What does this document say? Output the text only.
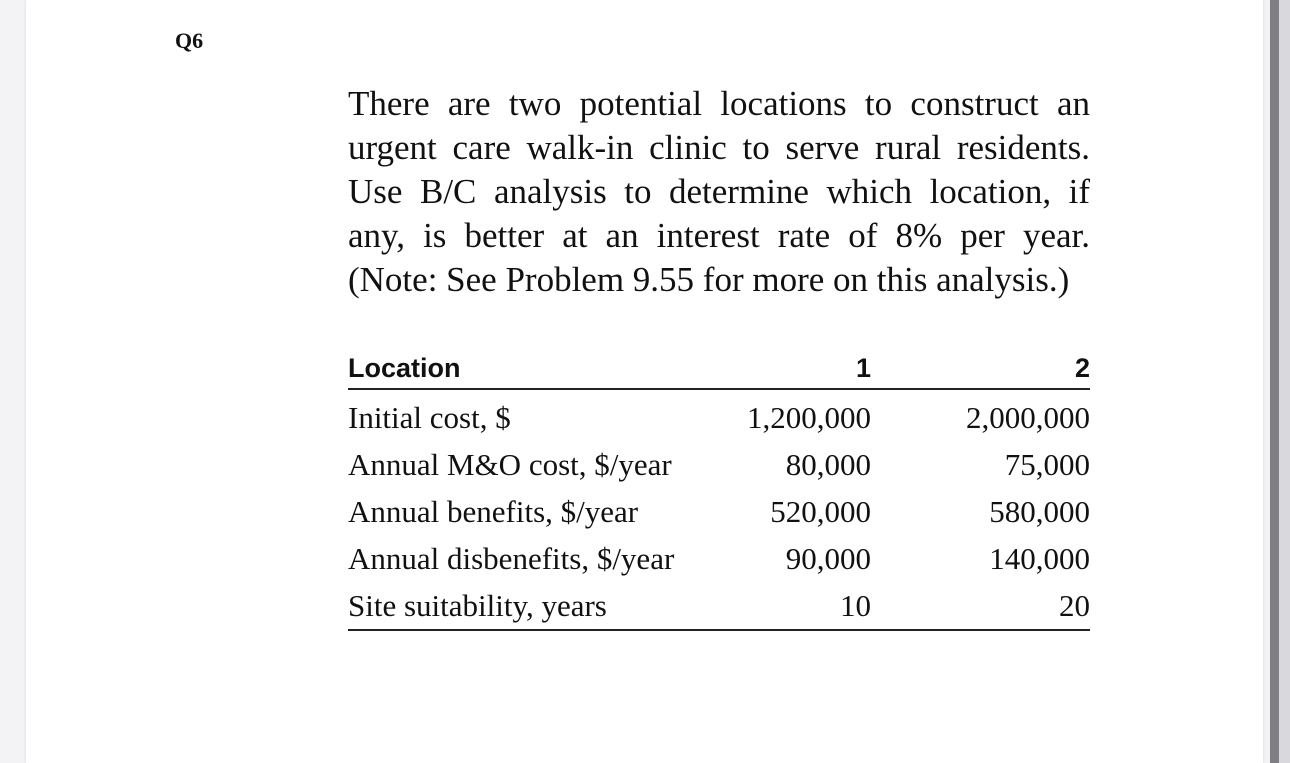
Q6
There are two potential locations to construct an
urgent care walk-in clinic to serve rural residents.
Use B/C analysis to determine which location, if
any, is better at an interest rate of 8% per year.
(Note: See Problem 9.55 for more on this analysis.)
Location	1	2
Initial cost, $	1,200,000	2,000,000
Annual M&O cost, $/year	80,000	75,000
Annual benefits, $/year	520,000	580,000
Annual disbenefits, $/year	90,000	140,000
Site suitability, years	10	20
